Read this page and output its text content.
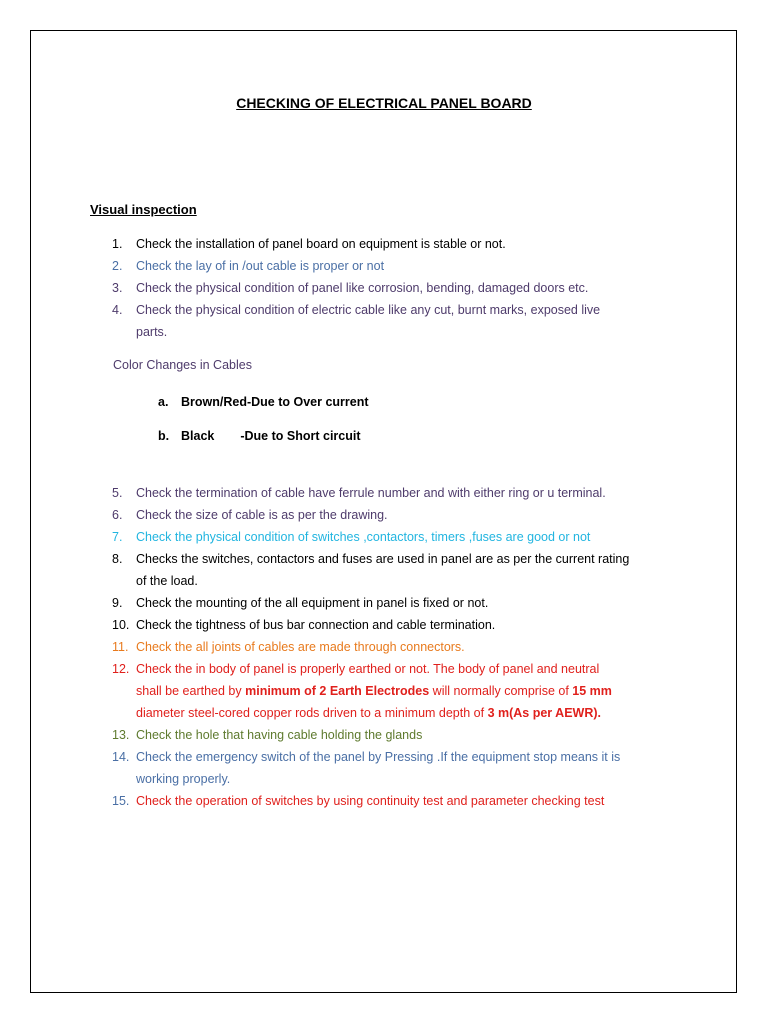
CHECKING OF ELECTRICAL PANEL BOARD
Visual inspection
1. Check the installation of panel board on equipment is stable or not.
2. Check the lay of in /out cable is proper or not
3. Check the physical condition of panel like corrosion, bending, damaged doors etc.
4. Check the physical condition of electric cable like any cut, burnt marks, exposed live
parts.
Color Changes in Cables
a. Brown/Red-Due to Over current
b. Black -Due to Short circuit
5. Check the termination of cable have ferrule number and with either ring or u terminal.
6. Check the size of cable is as per the drawing.
7. Check the physical condition of switches ,contactors, timers ,fuses are good or not
8. Checks the switches, contactors and fuses are used in panel are as per the current rating
of the load.
9. Check the mounting of the all equipment in panel is fixed or not.
10. Check the tightness of bus bar connection and cable termination.
11. Check the all joints of cables are made through connectors.
12. Check the in body of panel is properly earthed or not. The body of panel and neutral
shall be earthed by minimum of 2 Earth Electrodes will normally comprise of 15 mm
diameter steel-cored copper rods driven to a minimum depth of 3 m(As per AEWR).
13. Check the hole that having cable holding the glands
14. Check the emergency switch of the panel by Pressing .If the equipment stop means it is
working properly.
15. Check the operation of switches by using continuity test and parameter checking test
